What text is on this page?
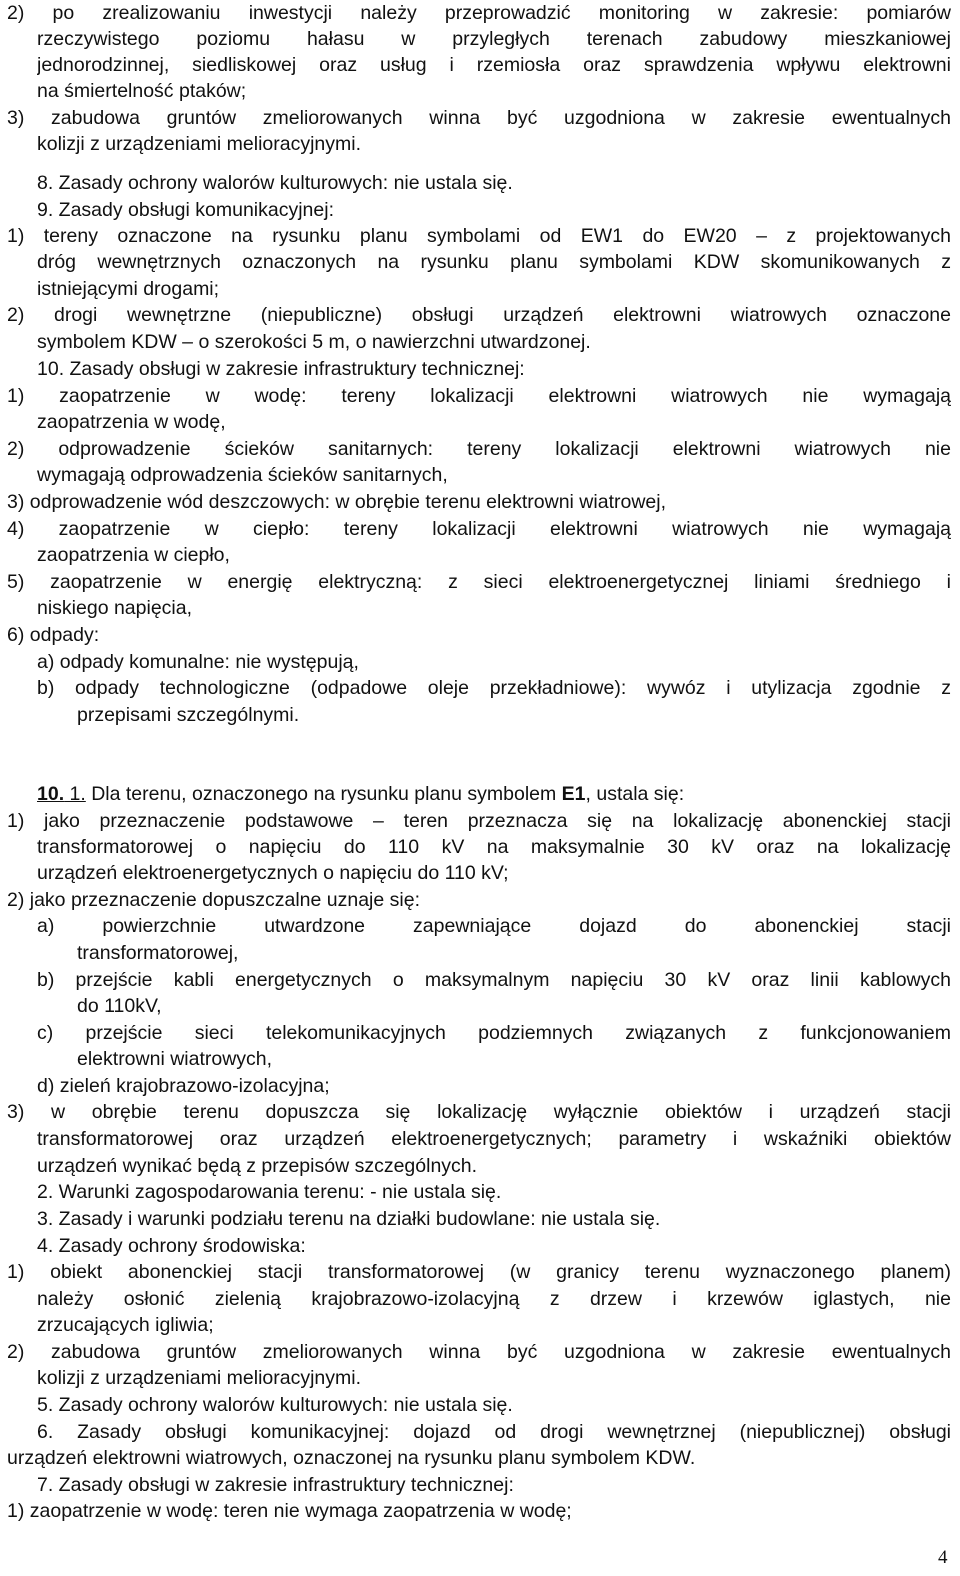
2) po zrealizowaniu inwestycji należy przeprowadzić monitoring w zakresie: pomiarów
rzeczywistego poziomu hałasu w przyległych terenach zabudowy mieszkaniowej
jednorodzinnej, siedliskowej oraz usług i rzemiosła oraz sprawdzenia wpływu elektrowni
na śmiertelność ptaków;
3) zabudowa gruntów zmeliorowanych winna być uzgodniona w zakresie ewentualnych
kolizji z urządzeniami melioracyjnymi.
8. Zasady ochrony walorów kulturowych: nie ustala się.
9. Zasady obsługi komunikacyjnej:
1) tereny oznaczone na rysunku planu symbolami od EW1 do EW20 – z projektowanych
dróg wewnętrznych oznaczonych na rysunku planu symbolami KDW skomunikowanych z
istniejącymi drogami;
2) drogi wewnętrzne (niepubliczne) obsługi urządzeń elektrowni wiatrowych oznaczone
symbolem KDW – o szerokości 5 m, o nawierzchni utwardzonej.
10. Zasady obsługi w zakresie infrastruktury technicznej:
1) zaopatrzenie w wodę: tereny lokalizacji elektrowni wiatrowych nie wymagają
zaopatrzenia w wodę,
2) odprowadzenie ścieków sanitarnych: tereny lokalizacji elektrowni wiatrowych nie
wymagają odprowadzenia ścieków sanitarnych,
3) odprowadzenie wód deszczowych: w obrębie terenu elektrowni wiatrowej,
4) zaopatrzenie w ciepło: tereny lokalizacji elektrowni wiatrowych nie wymagają
zaopatrzenia w ciepło,
5) zaopatrzenie w energię elektryczną: z sieci elektroenergetycznej liniami średniego i
niskiego napięcia,
6) odpady:
a) odpady komunalne: nie występują,
b) odpady technologiczne (odpadowe oleje przekładniowe): wywóz i utylizacja zgodnie z
przepisami szczególnymi.
10. 1. Dla terenu, oznaczonego na rysunku planu symbolem E1, ustala się:
1) jako przeznaczenie podstawowe – teren przeznacza się na lokalizację abonenckiej stacji
transformatorowej o napięciu do 110 kV na maksymalnie 30 kV oraz na lokalizację
urządzeń elektroenergetycznych o napięciu do 110 kV;
2) jako przeznaczenie dopuszczalne uznaje się:
a) powierzchnie utwardzone zapewniające dojazd do abonenckiej stacji
transformatorowej,
b) przejście kabli energetycznych o maksymalnym napięciu 30 kV oraz linii kablowych
do 110kV,
c) przejście sieci telekomunikacyjnych podziemnych związanych z funkcjonowaniem
elektrowni wiatrowych,
d) zieleń krajobrazowo-izolacyjna;
3) w obrębie terenu dopuszcza się lokalizację wyłącznie obiektów i urządzeń stacji
transformatorowej oraz urządzeń elektroenergetycznych; parametry i wskaźniki obiektów
urządzeń wynikać będą z przepisów szczególnych.
2. Warunki zagospodarowania terenu: - nie ustala się.
3. Zasady i warunki podziału terenu na działki budowlane: nie ustala się.
4. Zasady ochrony środowiska:
1) obiekt abonenckiej stacji transformatorowej (w granicy terenu wyznaczonego planem)
należy osłonić zielenią krajobrazowo-izolacyjną z drzew i krzewów iglastych, nie
zrzucających igliwia;
2) zabudowa gruntów zmeliorowanych winna być uzgodniona w zakresie ewentualnych
kolizji z urządzeniami melioracyjnymi.
5. Zasady ochrony walorów kulturowych: nie ustala się.
6. Zasady obsługi komunikacyjnej: dojazd od drogi wewnętrznej (niepublicznej) obsługi
urządzeń elektrowni wiatrowych, oznaczonej na rysunku planu symbolem KDW.
7. Zasady obsługi w zakresie infrastruktury technicznej:
1) zaopatrzenie w wodę: teren nie wymaga zaopatrzenia w wodę;
4
